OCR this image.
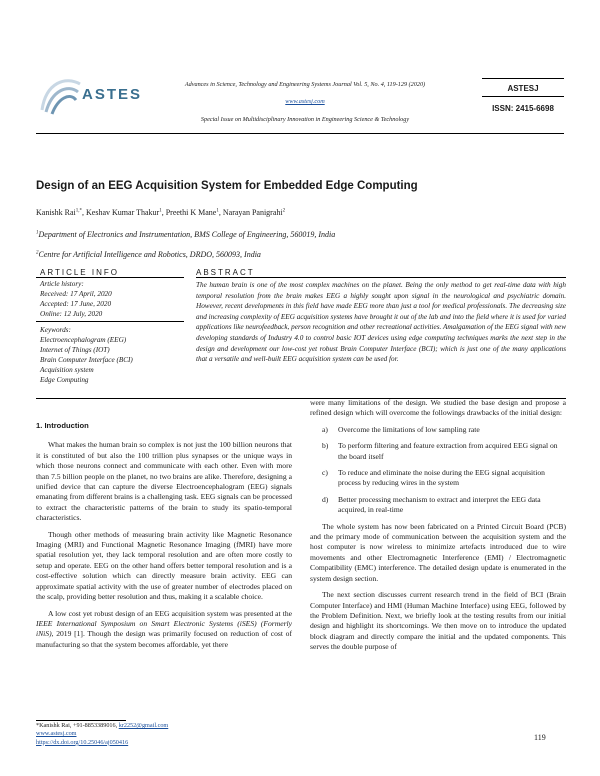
ASTES
Advances in Science, Technology and Engineering Systems Journal Vol. 5, No. 4, 119-129 (2020)
www.astesj.com
Special Issue on Multidisciplinary Innovation in Engineering Science & Technology
ASTESJ
ISSN: 2415-6698
Design of an EEG Acquisition System for Embedded Edge Computing
Kanishk Rai$^{1,*}$, Keshav Kumar Thakur$^1$, Preethi K Mane$^1$, Narayan Panigrahi$^2$
$^1$Department of Electronics and Instrumentation, BMS College of Engineering, 560019, India
$^2$Centre for Artificial Intelligence and Robotics, DRDO, 560093, India
ARTICLE INFO
Article history:
Received: 17 April, 2020
Accepted: 17 June, 2020
Online: 12 July, 2020
Keywords:
Electroencephalogram (EEG)
Internet of Things (IOT)
Brain Computer Interface (BCI)
Acquisition system
Edge Computing
ABSTRACT
The human brain is one of the most complex machines on the planet. Being the only method to get real-time data with high temporal resolution from the brain makes EEG a highly sought upon signal in the neurological and psychiatric domain. However, recent developments in this field have made EEG more than just a tool for medical professionals. The decreasing size and increasing complexity of EEG acquisition systems have brought it out of the lab and into the field where it is used for varied applications like neurofeedback, person recognition and other recreational activities. Amalgamation of the EEG signal with new developing standards of Industry 4.0 to control basic IOT devices using edge computing techniques marks the next step in the design and development our low-cost yet robust Brain Computer Interface (BCI); which is just one of the many applications that a versatile and well-built EEG acquisition system can be used for.
1. Introduction

What makes the human brain so complex is not just the 100 billion neurons that it is constituted of but also the 100 trillion plus synapses or the unique ways in which those neurons connect and communicate with each other. Even with more than 7.5 billion people on the planet, no two brains are alike. Therefore, designing a unified device that can capture the diverse Electroencephalogram (EEG) signals emanating from different brains is a challenging task. EEG signals can be processed to extract the characteristic patterns of the brain to study its spatio-temporal characteristics.

Though other methods of measuring brain activity like Magnetic Resonance Imaging (MRI) and Functional Magnetic Resonance Imaging (fMRI) have more spatial resolution yet, they lack temporal resolution and are often more costly to setup and operate. EEG on the other hand offers better temporal resolution and is a cost-effective solution which can directly measure brain activity. EEG can approximate spatial activity with the use of greater number of electrodes placed on the scalp, providing better resolution and thus, making it a scalable choice.

A low cost yet robust design of an EEG acquisition system was presented at the IEEE International Symposium on Smart Electronic Systems (iSES) (Formerly iNiS), 2019 [1]. Though the design was primarily focused on reduction of cost of manufacturing so that the system becomes affordable, yet there

*Kanishk Rai, +91-8853389016, kr2252@gmail.com
www.astesj.com
https://dx.doi.org/10.25046/aj050416

were many limitations of the design. We studied the base design and propose a refined design which will overcome the followings drawbacks of the initial design:

a) Overcome the limitations of low sampling rate
b) To perform filtering and feature extraction from acquired EEG signal on the board itself
c) To reduce and eliminate the noise during the EEG signal acquisition process by reducing wires in the system
d) Better processing mechanism to extract and interpret the EEG data acquired, in real-time

The whole system has now been fabricated on a Printed Circuit Board (PCB) and the primary mode of communication between the acquisition system and the host computer is now wireless to minimize artefacts introduced due to wire movements and other Electromagnetic Interference (EMI) / Electromagnetic Compatibility (EMC) interference. The detailed design update is enumerated in the system design section.

The next section discusses current research trend in the field of BCI (Brain Computer Interface) and HMI (Human Machine Interface) using EEG, followed by the Problem Definition. Next, we briefly look at the testing results from our initial design and highlight its shortcomings. We then move on to introduce the updated block diagram and directly compare the initial and the updated components. This serves the double purpose of

119
